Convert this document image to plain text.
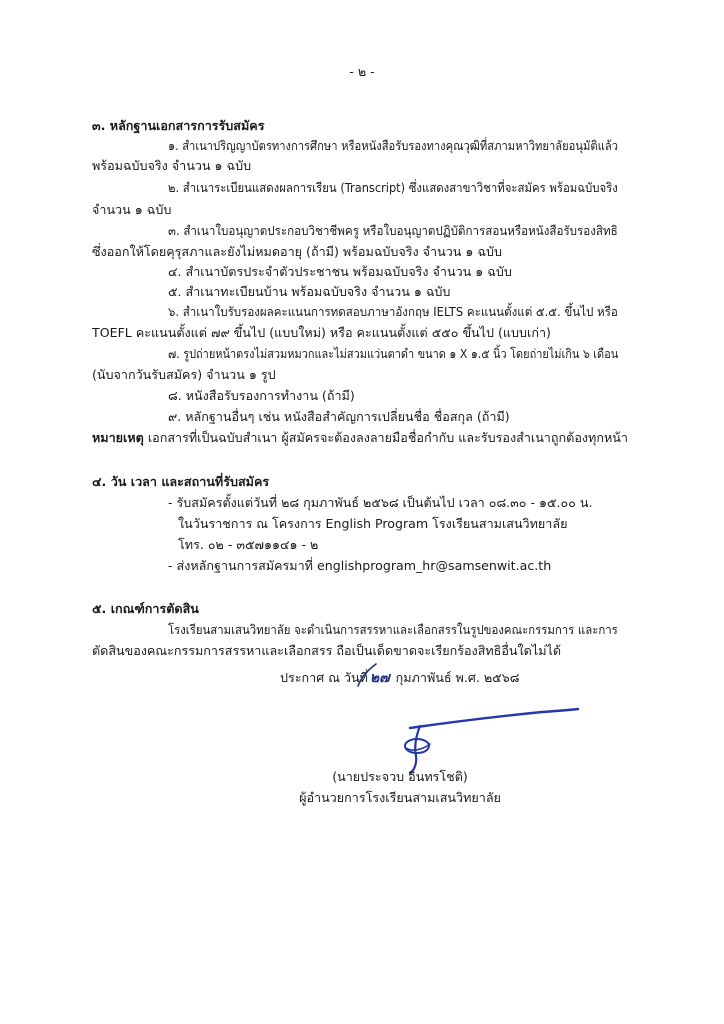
- ๒ -
๓. หลักฐานเอกสารการรับสมัคร
๑. สำเนาปริญญาบัตรทางการศึกษา หรือหนังสือรับรองทางคุณวุฒิที่สภามหาวิทยาลัยอนุมัติแล้ว
พร้อมฉบับจริง จำนวน ๑ ฉบับ
๒. สำเนาระเบียนแสดงผลการเรียน (Transcript) ซึ่งแสดงสาขาวิชาที่จะสมัคร พร้อมฉบับจริง
จำนวน ๑ ฉบับ
๓. สำเนาใบอนุญาตประกอบวิชาชีพครู หรือใบอนุญาตปฏิบัติการสอนหรือหนังสือรับรองสิทธิ
ซึ่งออกให้โดยคุรุสภาและยังไม่หมดอายุ (ถ้ามี) พร้อมฉบับจริง จำนวน ๑ ฉบับ
๔. สำเนาบัตรประจำตัวประชาชน พร้อมฉบับจริง จำนวน ๑ ฉบับ
๕. สำเนาทะเบียนบ้าน พร้อมฉบับจริง จำนวน ๑ ฉบับ
๖. สำเนาใบรับรองผลคะแนนการทดสอบภาษาอังกฤษ IELTS คะแนนตั้งแต่ ๕.๕. ขึ้นไป หรือ
TOEFL คะแนนตั้งแต่ ๗๙ ขึ้นไป (แบบใหม่) หรือ คะแนนตั้งแต่ ๕๕๐ ขึ้นไป (แบบเก่า)
๗. รูปถ่ายหน้าตรงไม่สวมหมวกและไม่สวมแว่นตาดำ ขนาด ๑ X ๑.๕ นิ้ว โดยถ่ายไม่เกิน ๖ เดือน
(นับจากวันรับสมัคร) จำนวน ๑ รูป
๘. หนังสือรับรองการทำงาน (ถ้ามี)
๙. หลักฐานอื่นๆ เช่น หนังสือสำคัญการเปลี่ยนชื่อ ชื่อสกุล (ถ้ามี)
หมายเหตุ เอกสารที่เป็นฉบับสำเนา ผู้สมัครจะต้องลงลายมือชื่อกำกับ และรับรองสำเนาถูกต้องทุกหน้า
๔. วัน เวลา และสถานที่รับสมัคร
- รับสมัครตั้งแต่วันที่ ๒๘ กุมภาพันธ์ ๒๕๖๘ เป็นต้นไป เวลา ๐๘.๓๐ - ๑๕.๐๐ น.
ในวันราชการ ณ โครงการ English Program โรงเรียนสามเสนวิทยาลัย
โทร. ๐๒ - ๓๕๗๑๑๔๑ - ๒
- ส่งหลักฐานการสมัครมาที่ englishprogram_hr@samsenwit.ac.th
๕. เกณฑ์การตัดสิน
โรงเรียนสามเสนวิทยาลัย จะดำเนินการสรรหาและเลือกสรรในรูปของคณะกรรมการ และการ
ตัดสินของคณะกรรมการสรรหาและเลือกสรร ถือเป็นเด็ดขาดจะเรียกร้องสิทธิอื่นใดไม่ได้
ประกาศ ณ วันที่ ๒๗ กุมภาพันธ์ พ.ศ. ๒๕๖๘
(นายประจวบ อินทรโชติ)
ผู้อำนวยการโรงเรียนสามเสนวิทยาลัย
